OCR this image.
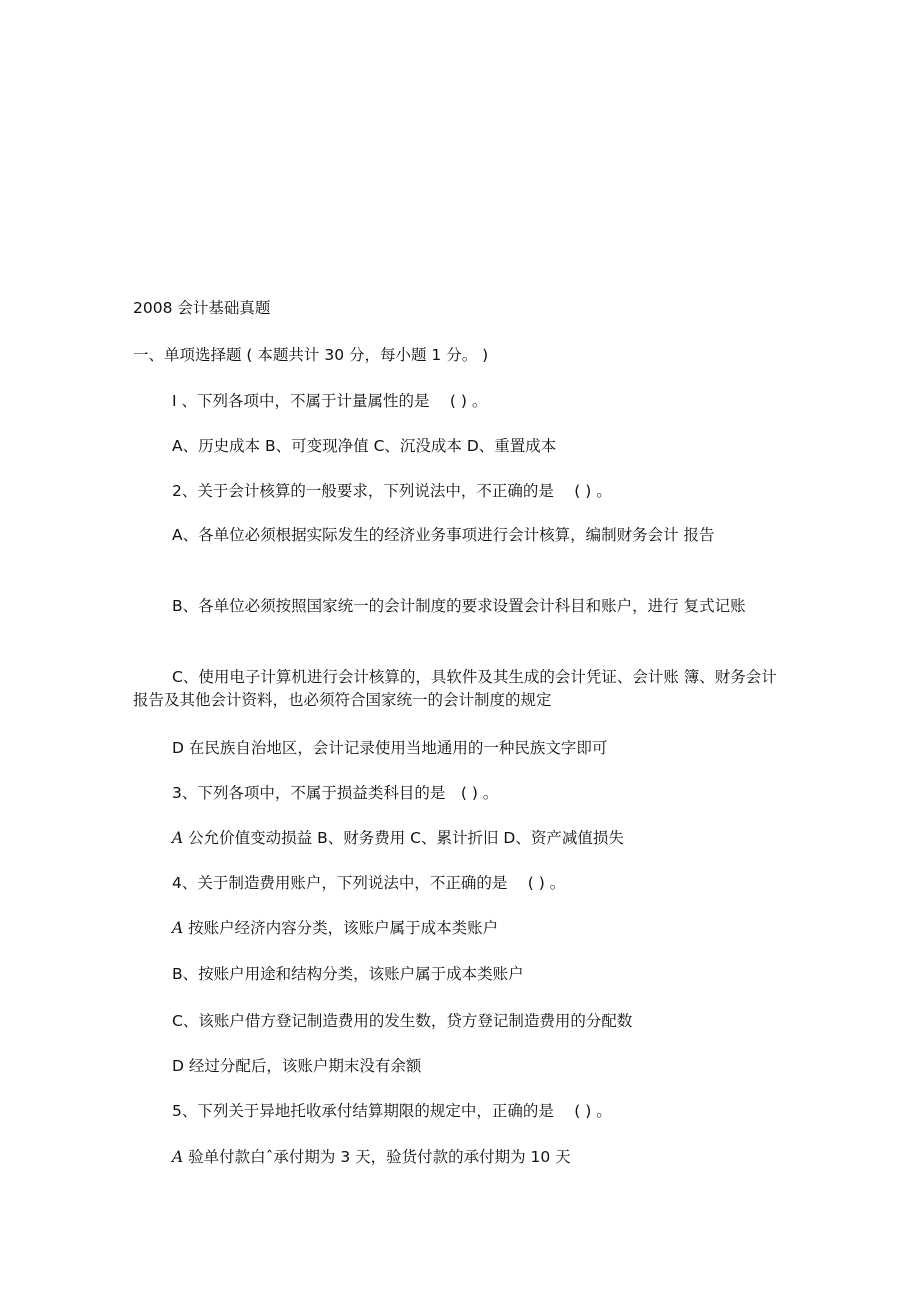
2008 会计基础真题
一、单项选择题 ( 本题共计 30 分，每小题 1 分。 )
I 、下列各项中，不属于计量属性的是　 ( ) 。
A、历史成本 B、可变现净值 C、沉没成本 D、重置成本
2、关于会计核算的一般要求，下列说法中，不正确的是　 ( ) 。
A、各单位必须根据实际发生的经济业务事项进行会计核算，编制财务会计 报告
B、各单位必须按照国家统一的会计制度的要求设置会计科目和账户，进行 复式记账
C、使用电子计算机进行会计核算的，具软件及其生成的会计凭证、会计账 簿、财务会计报告及其他会计资料，也必须符合国家统一的会计制度的规定
D 在民族自治地区，会计记录使用当地通用的一种民族文字即可
3、下列各项中，不属于损益类科目的是　( ) 。
A 公允价值变动损益 B、财务费用 C、累计折旧 D、资产减值损失
4、关于制造费用账户，下列说法中，不正确的是　 ( ) 。
A 按账户经济内容分类，该账户属于成本类账户
B、按账户用途和结构分类，该账户属于成本类账户
C、该账户借方登记制造费用的发生数，贷方登记制造费用的分配数
D 经过分配后，该账户期末没有余额
5、下列关于异地托收承付结算期限的规定中，正确的是　 ( ) 。
A 验单付款白ˆ承付期为 3 天，验货付款的承付期为 10 天
